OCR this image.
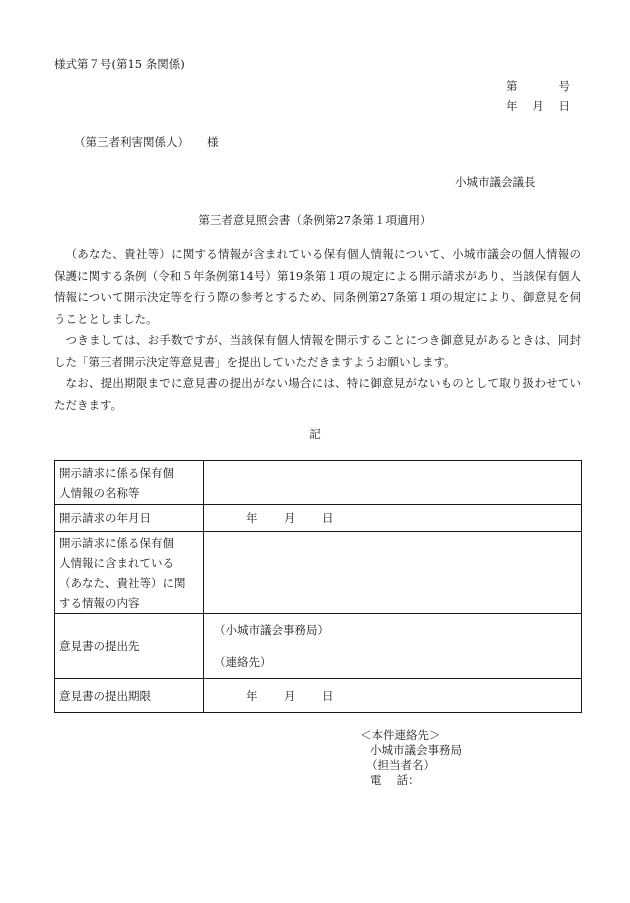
様式第７号(第15 条関係)
第	号
年 月 日
（第三者利害関係人） 様
小城市議会議長
第三者意見照会書（条例第27条第１項適用）

（あなた、貴社等）に関する情報が含まれている保有個人情報について、小城市議会の個人情報の保護に関する条例（令和５年条例第14号）第19条第１項の規定による開示請求があり、当該保有個人情報について開示決定等を行う際の参考とするため、同条例第27条第１項の規定により、御意見を伺うこととしました。

つきましては、お手数ですが、当該保有個人情報を開示することにつき御意見があるときは、同封した「第三者開示決定等意見書」を提出していただきますようお願いします。

なお、提出期限までに意見書の提出がない場合には、特に御意見がないものとして取り扱わせていただきます。

記
開示請求に係る保有個
人情報の名称等	

開示請求の年月日	年 月 日

開示請求に係る保有個
人情報に含まれている
（あなた、貴社等）に関
する情報の内容	

意見書の提出先	（小城市議会事務局）
（連絡先）

意見書の提出期限	年 月 日
＜本件連絡先＞
小城市議会事務局
（担当者名）
電　 話：
